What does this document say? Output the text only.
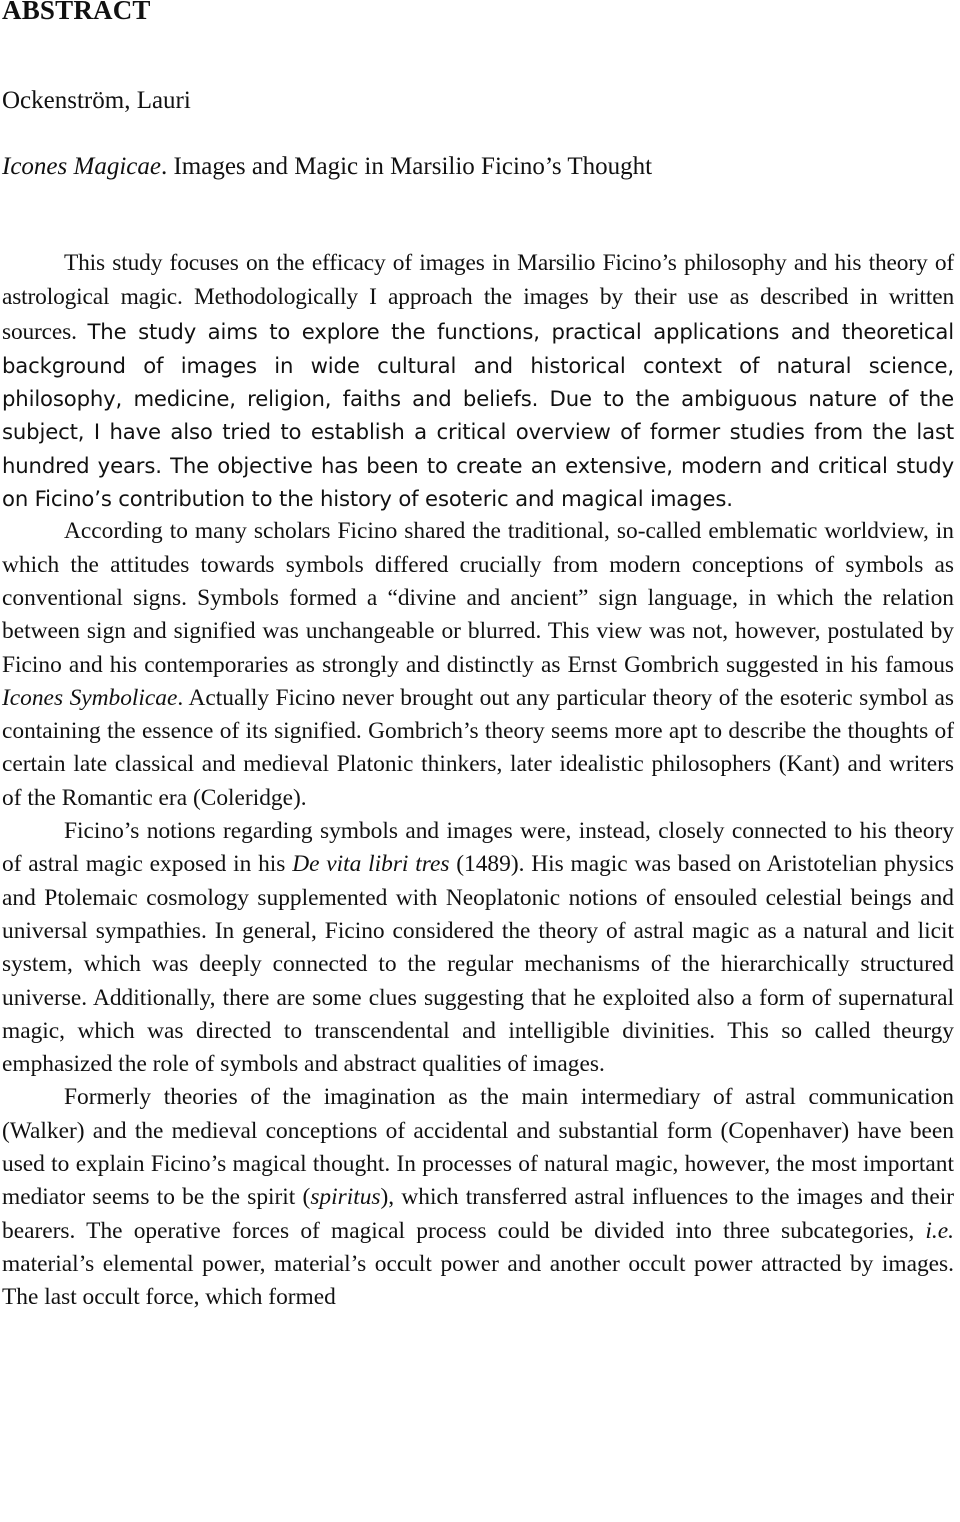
ABSTRACT
Ockenström, Lauri
Icones Magicae. Images and Magic in Marsilio Ficino’s Thought

This study focuses on the efficacy of images in Marsilio Ficino’s philosophy and his theory of astrological magic. Methodologically I approach the images by their use as described in written sources. The study aims to explore the functions, practical applications and theoretical background of images in wide cultural and historical context of natural science, philosophy, medicine, religion, faiths and beliefs. Due to the ambiguous nature of the subject, I have also tried to establish a critical overview of former studies from the last hundred years. The objective has been to create an extensive, modern and critical study on Ficino’s contribution to the history of esoteric and magical images.

According to many scholars Ficino shared the traditional, so-called emblematic worldview, in which the attitudes towards symbols differed crucially from modern conceptions of symbols as conventional signs. Symbols formed a “divine and ancient” sign language, in which the relation between sign and signified was unchangeable or blurred. This view was not, however, postulated by Ficino and his contemporaries as strongly and distinctly as Ernst Gombrich suggested in his famous Icones Symbolicae. Actually Ficino never brought out any particular theory of the esoteric symbol as containing the essence of its signified. Gombrich’s theory seems more apt to describe the thoughts of certain late classical and medieval Platonic thinkers, later idealistic philosophers (Kant) and writers of the Romantic era (Coleridge).

Ficino’s notions regarding symbols and images were, instead, closely connected to his theory of astral magic exposed in his De vita libri tres (1489). His magic was based on Aristotelian physics and Ptolemaic cosmology supplemented with Neoplatonic notions of ensouled celestial beings and universal sympathies. In general, Ficino considered the theory of astral magic as a natural and licit system, which was deeply connected to the regular mechanisms of the hierarchically structured universe. Additionally, there are some clues suggesting that he exploited also a form of supernatural magic, which was directed to transcendental and intelligible divinities. This so called theurgy emphasized the role of symbols and abstract qualities of images.

Formerly theories of the imagination as the main intermediary of astral communication (Walker) and the medieval conceptions of accidental and substantial form (Copenhaver) have been used to explain Ficino’s magical thought. In processes of natural magic, however, the most important mediator seems to be the spirit (spiritus), which transferred astral influences to the images and their bearers. The operative forces of magical process could be divided into three subcategories, i.e. material’s elemental power, material’s occult power and another occult power attracted by images. The last occult force, which formed
